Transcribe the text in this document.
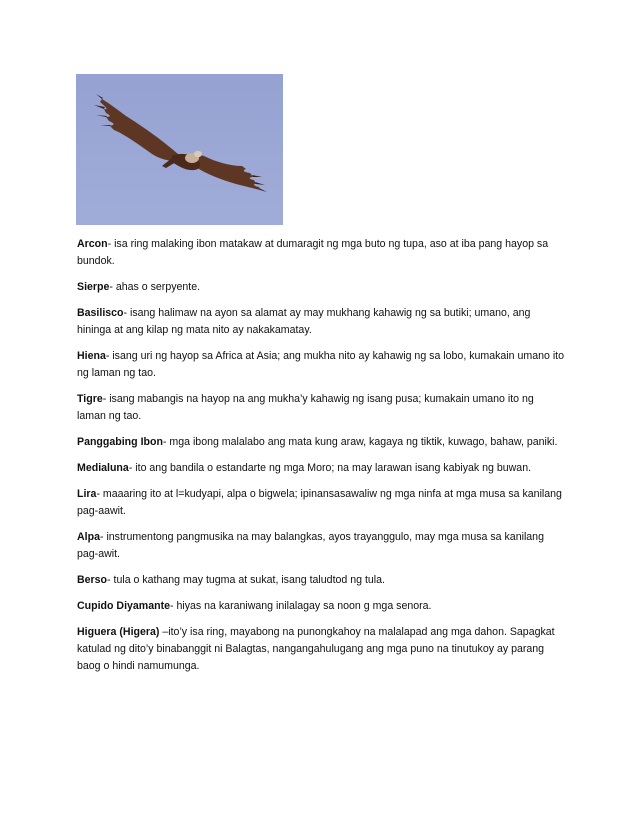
Arcon- isa ring malaking ibon matakaw at dumaragit ng mga buto ng tupa, aso at iba pang hayop sa bundok.
Sierpe- ahas o serpyente.
Basilisco- isang halimaw na ayon sa alamat ay may mukhang kahawig ng sa butiki; umano, ang hininga at ang kilap ng mata nito ay nakakamatay.
Hiena- isang uri ng hayop sa Africa at Asia; ang mukha nito ay kahawig ng sa lobo, kumakain umano ito ng laman ng tao.
Tigre- isang mabangis na hayop na ang mukha’y kahawig ng isang pusa; kumakain umano ito ng laman ng tao.
Panggabing Ibon- mga ibong malalabo ang mata kung araw, kagaya ng tiktik, kuwago, bahaw, paniki.
Medialuna- ito ang bandila o estandarte ng mga Moro; na may larawan isang kabiyak ng buwan.
Lira- maaaring ito at l=kudyapi, alpa o bigwela; ipinansasawaliw ng mga ninfa at mga musa sa kanilang pag-aawit.
Alpa- instrumentong pangmusika na may balangkas, ayos trayanggulo, may mga musa sa kanilang pag-awit.
Berso- tula o kathang may tugma at sukat, isang taludtod ng tula.
Cupido Diyamante- hiyas na karaniwang inilalagay sa noon g mga senora.
Higuera (Higera) –ito’y isa ring, mayabong na punongkahoy na malalapad ang mga dahon. Sapagkat katulad ng dito’y binabanggit ni Balagtas, nangangahulugang ang mga puno na tinutukoy ay parang baog o hindi namumunga.
